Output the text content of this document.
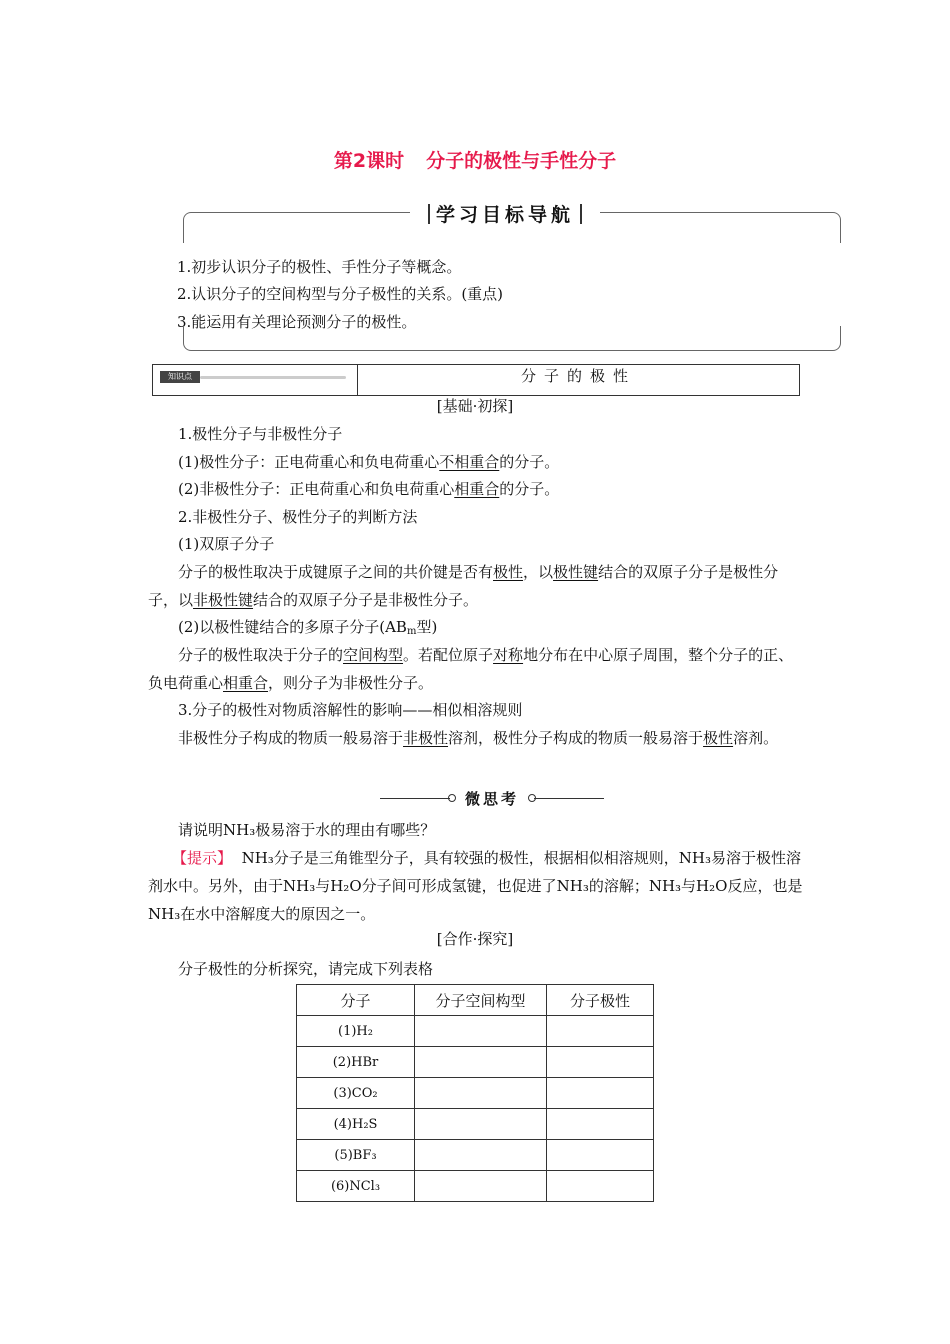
第2课时 分子的极性与手性分子
学习目标导航
1.初步认识分子的极性、手性分子等概念。
2.认识分子的空间构型与分子极性的关系。(重点)
3.能运用有关理论预测分子的极性。
知识点	分子的极性
[基础·初探]
1.极性分子与非极性分子
(1)极性分子：正电荷重心和负电荷重心不相重合的分子。
(2)非极性分子：正电荷重心和负电荷重心相重合的分子。
2.非极性分子、极性分子的判断方法
(1)双原子分子
分子的极性取决于成键原子之间的共价键是否有极性，以极性键结合的双原子分子是极性分子，以非极性键结合的双原子分子是非极性分子。
(2)以极性键结合的多原子分子($AB_m$型)
分子的极性取决于分子的空间构型。若配位原子对称地分布在中心原子周围，整个分子的正、负电荷重心相重合，则分子为非极性分子。
3.分子的极性对物质溶解性的影响——相似相溶规则
非极性分子构成的物质一般易溶于非极性溶剂，极性分子构成的物质一般易溶于极性溶剂。
微思考
请说明NH₃极易溶于水的理由有哪些？
【提示】 NH₃分子是三角锥型分子，具有较强的极性，根据相似相溶规则，NH₃易溶于极性溶剂水中。另外，由于NH₃与H₂O分子间可形成氢键，也促进了NH₃的溶解；NH₃与H₂O反应，也是NH₃在水中溶解度大的原因之一。
[合作·探究]
分子极性的分析探究，请完成下列表格
分子	分子空间构型	分子极性
(1)H₂		
(2)HBr		
(3)CO₂		
(4)H₂S		
(5)BF₃		
(6)NCl₃		
